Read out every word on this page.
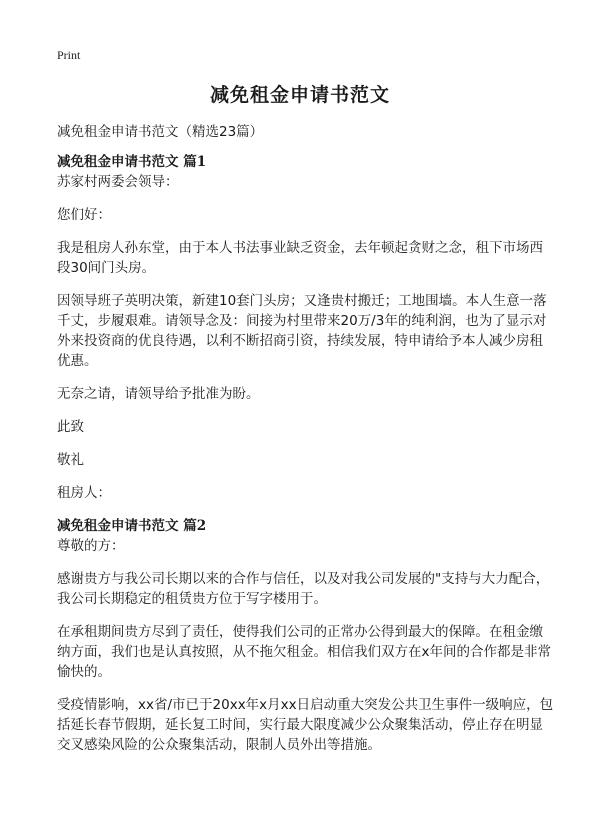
Print
减免租金申请书范文

减免租金申请书范文（精选23篇）

减免租金申请书范文 篇1

苏家村两委会领导：

您们好：

我是租房人孙东堂，由于本人书法事业缺乏资金，去年顿起贪财之念，租下市场西段30间门头房。

因领导班子英明决策，新建10套门头房；又逢贵村搬迁；工地围墙。本人生意一落千丈，步履艰难。请领导念及：间接为村里带来20万/3年的纯利润，也为了显示对外来投资商的优良待遇，以利不断招商引资，持续发展，特申请给予本人减少房租优惠。

无奈之请，请领导给予批准为盼。

此致

敬礼

租房人：

减免租金申请书范文 篇2

尊敬的方：

感谢贵方与我公司长期以来的合作与信任，以及对我公司发展的"支持与大力配合，我公司长期稳定的租赁贵方位于写字楼用于。

在承租期间贵方尽到了责任，使得我们公司的正常办公得到最大的保障。在租金缴纳方面，我们也是认真按照，从不拖欠租金。相信我们双方在x年间的合作都是非常愉快的。

受疫情影响，xx省/市已于20xx年x月xx日启动重大突发公共卫生事件一级响应，包括延长春节假期，延长复工时间，实行最大限度减少公众聚集活动，停止存在明显交叉感染风险的公众聚集活动，限制人员外出等措施。
